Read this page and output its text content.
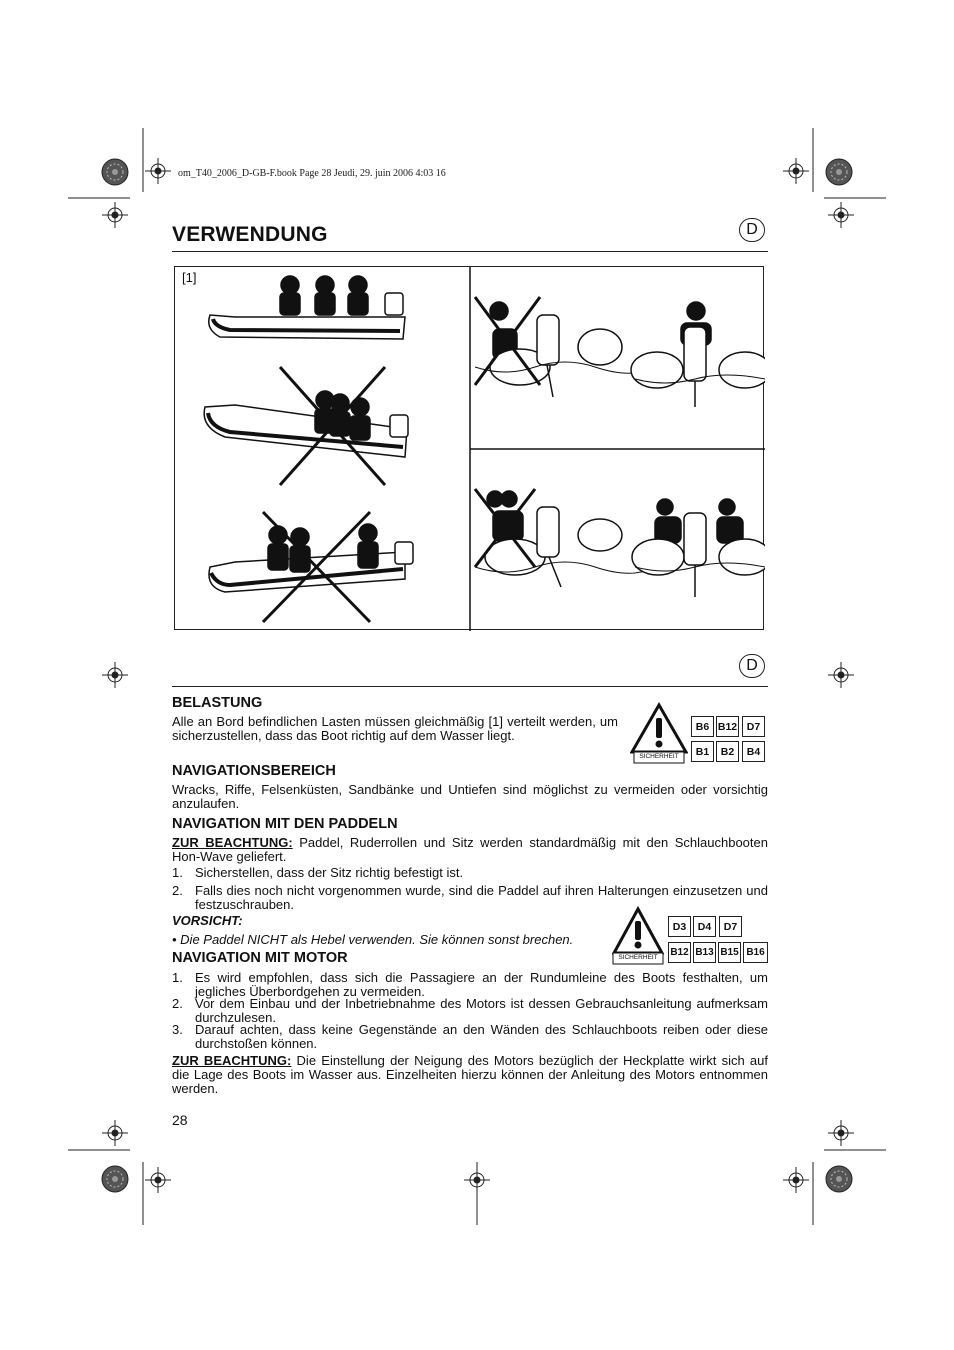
om_T40_2006_D-GB-F.book Page 28 Jeudi, 29. juin 2006 4:03 16
VERWENDUNG	D
[1]
D
BELASTUNG
Alle an Bord befindlichen Lasten müssen gleichmäßig [1] verteilt werden, um sicherzustellen, dass das Boot richtig auf dem Wasser liegt.
SICHERHEIT
B6 B12 D7
B1	B2	B4
NAVIGATIONSBEREICH
Wracks, Riffe, Felsenküsten, Sandbänke und Untiefen sind möglichst zu vermeiden oder vorsichtig anzulaufen.
NAVIGATION MIT DEN PADDELN
ZUR BEACHTUNG: Paddel, Ruderrollen und Sitz werden standardmäßig mit den Schlauchbooten Hon-Wave geliefert.
1. Sicherstellen, dass der Sitz richtig befestigt ist.
2. Falls dies noch nicht vorgenommen wurde, sind die Paddel auf ihren Halterungen einzusetzen und festzuschrauben.
VORSICHT:
• Die Paddel NICHT als Hebel verwenden. Sie können sonst brechen.
SICHERHEIT
D3	D4	D7
B12 B13 B15 B16
NAVIGATION MIT MOTOR
1. Es wird empfohlen, dass sich die Passagiere an der Rundumleine des Boots festhalten, um jegliches Überbordgehen zu vermeiden.
2. Vor dem Einbau und der Inbetriebnahme des Motors ist dessen Gebrauchsanleitung aufmerksam durchzulesen.
3. Darauf achten, dass keine Gegenstände an den Wänden des Schlauchboots reiben oder diese durchstoßen können.
ZUR BEACHTUNG: Die Einstellung der Neigung des Motors bezüglich der Heckplatte wirkt sich auf die Lage des Boots im Wasser aus. Einzelheiten hierzu können der Anleitung des Motors entnommen werden.
28
